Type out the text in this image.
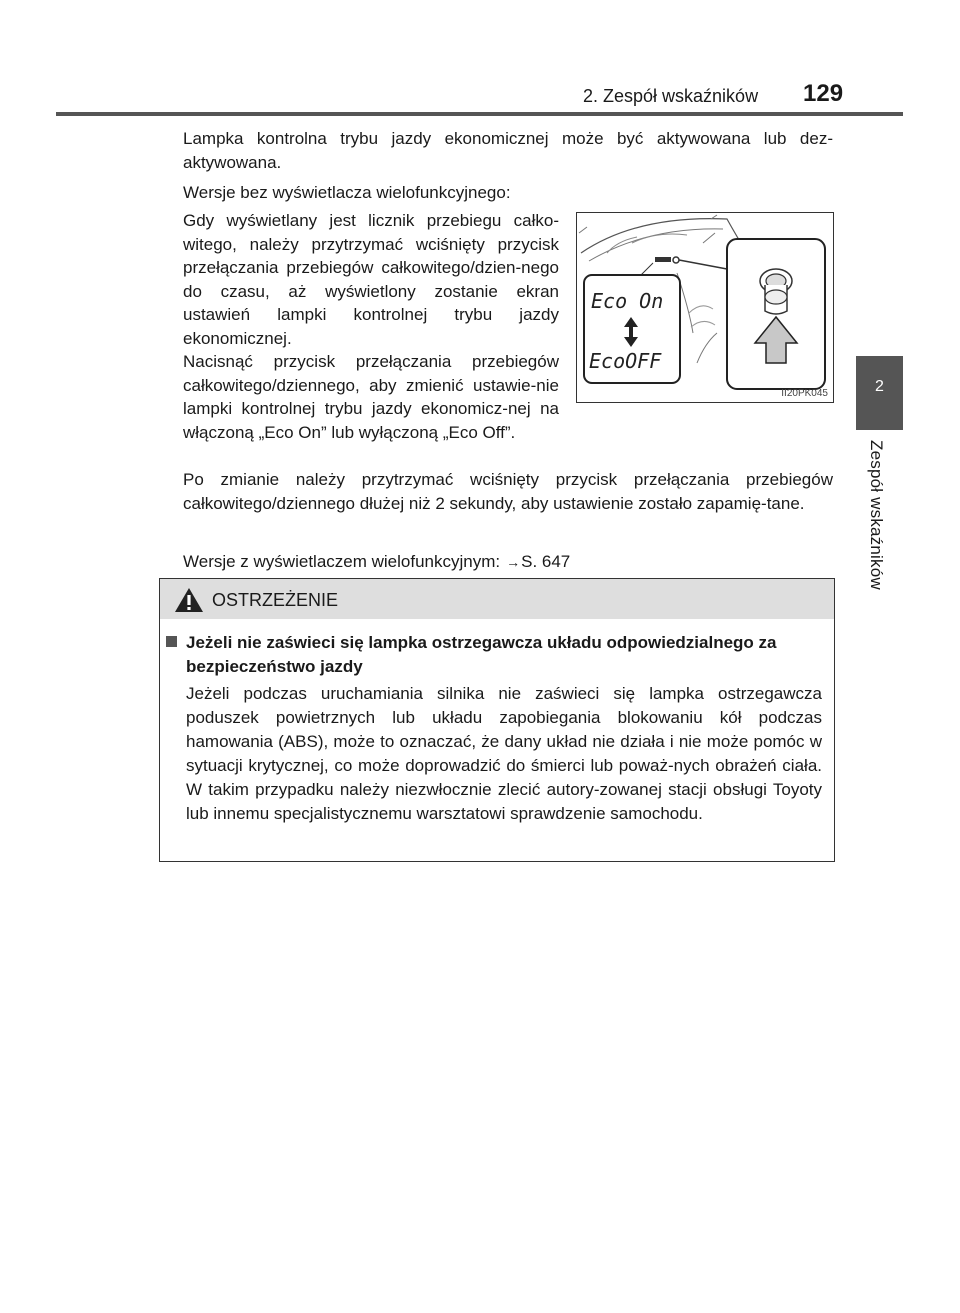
2. Zespół wskaźników 129
2
Zespół wskaźników
Lampka kontrolna trybu jazdy ekonomicznej może być aktywowana lub dez-aktywowana.
Wersje bez wyświetlacza wielofunkcyjnego:
Gdy wyświetlany jest licznik przebiegu całko-witego, należy przytrzymać wciśnięty przycisk przełączania przebiegów całkowitego/dzien-nego do czasu, aż wyświetlony zostanie ekran ustawień lampki kontrolnej trybu jazdy ekonomicznej.
Nacisnąć przycisk przełączania przebiegów całkowitego/dziennego, aby zmienić ustawie-nie lampki kontrolnej trybu jazdy ekonomicz-nej na włączoną „Eco On” lub wyłączoną „Eco Off”.
Eco On
EcoOFF
II20PK045
Po zmianie należy przytrzymać wciśnięty przycisk przełączania przebiegów całkowitego/dziennego dłużej niż 2 sekundy, aby ustawienie zostało zapamię-tane.
Wersje z wyświetlaczem wielofunkcyjnym: →S. 647
OSTRZEŻENIE
Jeżeli nie zaświeci się lampka ostrzegawcza układu odpowiedzialnego za bezpieczeństwo jazdy
Jeżeli podczas uruchamiania silnika nie zaświeci się lampka ostrzegawcza poduszek powietrznych lub układu zapobiegania blokowaniu kół podczas hamowania (ABS), może to oznaczać, że dany układ nie działa i nie może pomóc w sytuacji krytycznej, co może doprowadzić do śmierci lub poważ-nych obrażeń ciała. W takim przypadku należy niezwłocznie zlecić autory-zowanej stacji obsługi Toyoty lub innemu specjalistycznemu warsztatowi sprawdzenie samochodu.
